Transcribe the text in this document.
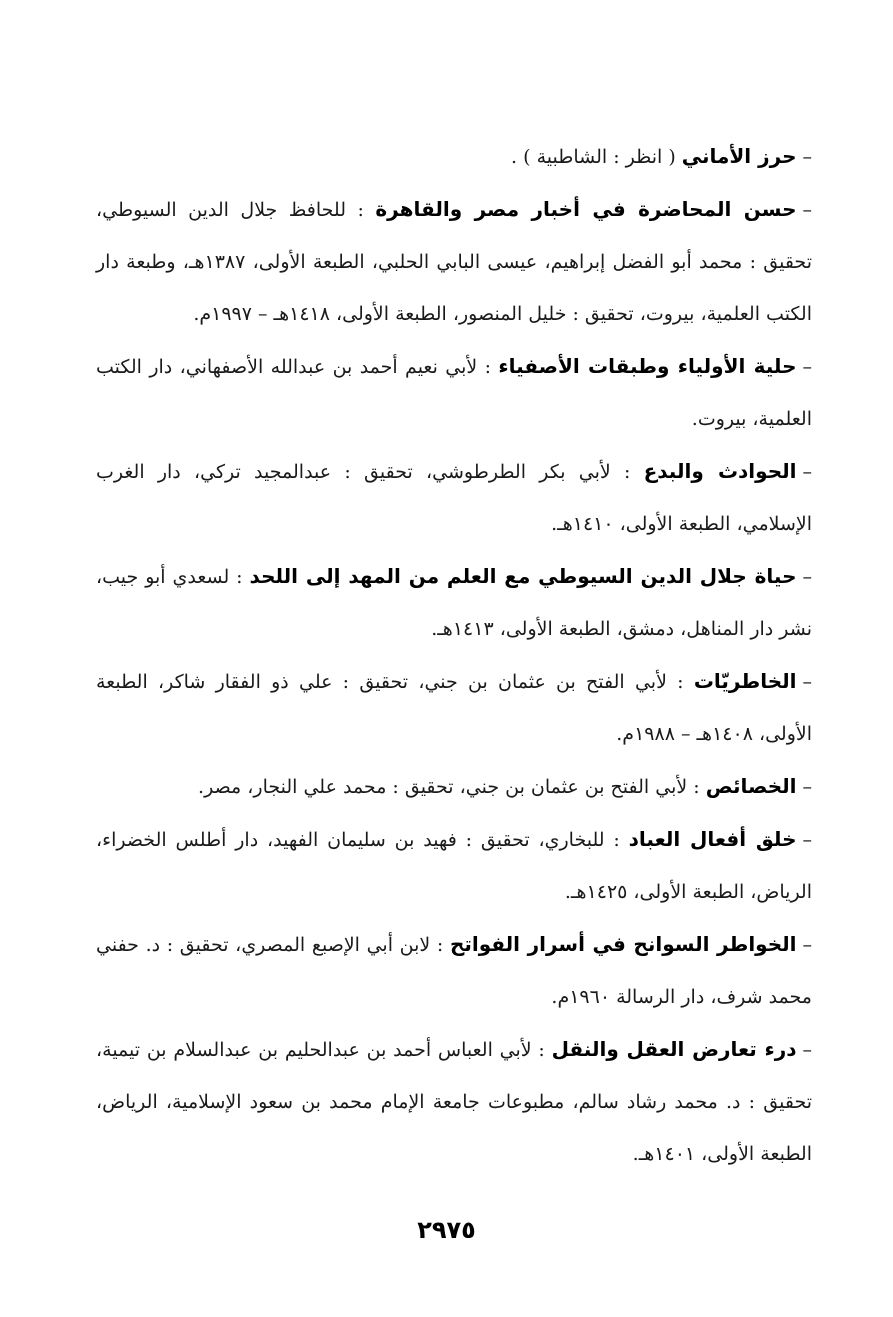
–حرز الأماني ( انظر : الشاطبية ) .

–حسن المحاضرة في أخبار مصر والقاهرة : للحافظ جلال الدين السيوطي، تحقيق : محمد أبو الفضل إبراهيم، عيسى البابي الحلبي، الطبعة الأولى، ١٣٨٧هـ، وطبعة دار الكتب العلمية، بيروت، تحقيق : خليل المنصور، الطبعة الأولى، ١٤١٨هـ – ١٩٩٧م.

–حلية الأولياء وطبقات الأصفياء : لأبي نعيم أحمد بن عبدالله الأصفهاني، دار الكتب العلمية، بيروت.

–الحوادث والبدع : لأبي بكر الطرطوشي، تحقيق : عبدالمجيد تركي، دار الغرب الإسلامي، الطبعة الأولى، ١٤١٠هـ.

–حياة جلال الدين السيوطي مع العلم من المهد إلى اللحد : لسعدي أبو جيب، نشر دار المناهل، دمشق، الطبعة الأولى، ١٤١٣هـ.

–الخاطريّات : لأبي الفتح بن عثمان بن جني، تحقيق : علي ذو الفقار شاكر، الطبعة الأولى، ١٤٠٨هـ – ١٩٨٨م.

–الخصائص : لأبي الفتح بن عثمان بن جني، تحقيق : محمد علي النجار، مصر.

–خلق أفعال العباد : للبخاري، تحقيق : فهيد بن سليمان الفهيد، دار أطلس الخضراء، الرياض، الطبعة الأولى، ١٤٢٥هـ.

–الخواطر السوانح في أسرار الفواتح : لابن أبي الإصبع المصري، تحقيق : د. حفني محمد شرف، دار الرسالة ١٩٦٠م.

–درء تعارض العقل والنقل : لأبي العباس أحمد بن عبدالحليم بن عبدالسلام بن تيمية، تحقيق : د. محمد رشاد سالم، مطبوعات جامعة الإمام محمد بن سعود الإسلامية، الرياض، الطبعة الأولى، ١٤٠١هـ.

٢٩٧٥
